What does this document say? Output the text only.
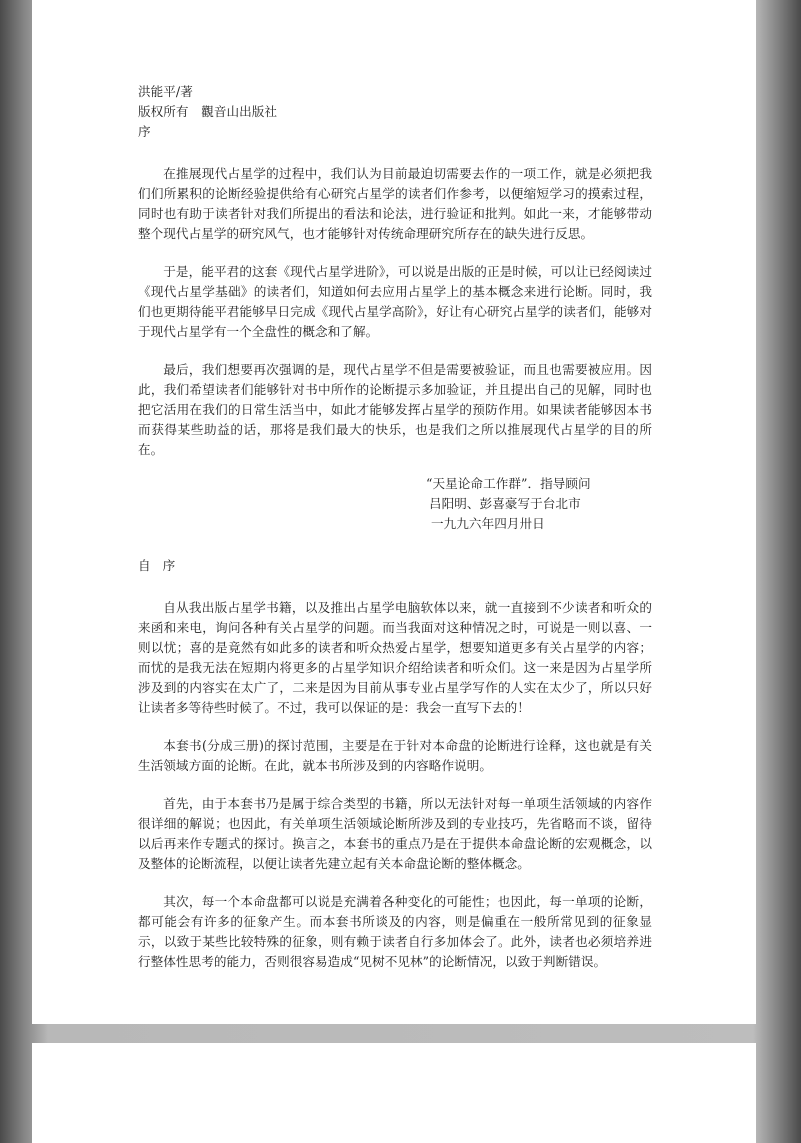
洪能平/著

版权所有　觀音山出版社

序

在推展现代占星学的过程中，我们认为目前最迫切需要去作的一项工作，就是必须把我们们所累积的论断经验提供给有心研究占星学的读者们作参考，以便缩短学习的摸索过程，同时也有助于读者针对我们所提出的看法和论法，进行验证和批判。如此一来，才能够带动整个现代占星学的研究风气，也才能够针对传统命理研究所存在的缺失进行反思。

于是，能平君的这套《现代占星学进阶》，可以说是出版的正是时候，可以让已经阅读过《现代占星学基础》的读者们，知道如何去应用占星学上的基本概念来进行论断。同时，我们也更期待能平君能够早日完成《现代占星学高阶》，好让有心研究占星学的读者们，能够对于现代占星学有一个全盘性的概念和了解。

最后，我们想要再次强调的是，现代占星学不但是需要被验证，而且也需要被应用。因此，我们希望读者们能够针对书中所作的论断提示多加验证，并且提出自己的见解，同时也把它活用在我们的日常生活当中，如此才能够发挥占星学的预防作用。如果读者能够因本书而获得某些助益的话，那将是我们最大的快乐，也是我们之所以推展现代占星学的目的所在。

“天星论命工作群”．指导顾问

吕阳明、彭喜豪写于台北市

一九九六年四月卅日

自序

自从我出版占星学书籍，以及推出占星学电脑软体以来，就一直接到不少读者和听众的来函和来电，询问各种有关占星学的问题。而当我面对这种情况之时，可说是一则以喜、一则以忧；喜的是竟然有如此多的读者和听众热爱占星学，想要知道更多有关占星学的内容；而忧的是我无法在短期内将更多的占星学知识介绍给读者和听众们。这一来是因为占星学所涉及到的内容实在太广了，二来是因为目前从事专业占星学写作的人实在太少了，所以只好让读者多等待些时候了。不过，我可以保证的是：我会一直写下去的！

本套书(分成三册)的探讨范围，主要是在于针对本命盘的论断进行诠释，这也就是有关生活领域方面的论断。在此，就本书所涉及到的内容略作说明。

首先，由于本套书乃是属于综合类型的书籍，所以无法针对每一单项生活领域的内容作很详细的解说；也因此，有关单项生活领域论断所涉及到的专业技巧，先省略而不谈，留待以后再来作专题式的探讨。换言之，本套书的重点乃是在于提供本命盘论断的宏观概念，以及整体的论断流程，以便让读者先建立起有关本命盘论断的整体概念。

其次，每一个本命盘都可以说是充满着各种变化的可能性；也因此，每一单项的论断，都可能会有许多的征象产生。而本套书所谈及的内容，则是偏重在一般所常见到的征象显示，以致于某些比较特殊的征象，则有赖于读者自行多加体会了。此外，读者也必须培养进行整体性思考的能力，否则很容易造成“见树不见林”的论断情况，以致于判断错误。
